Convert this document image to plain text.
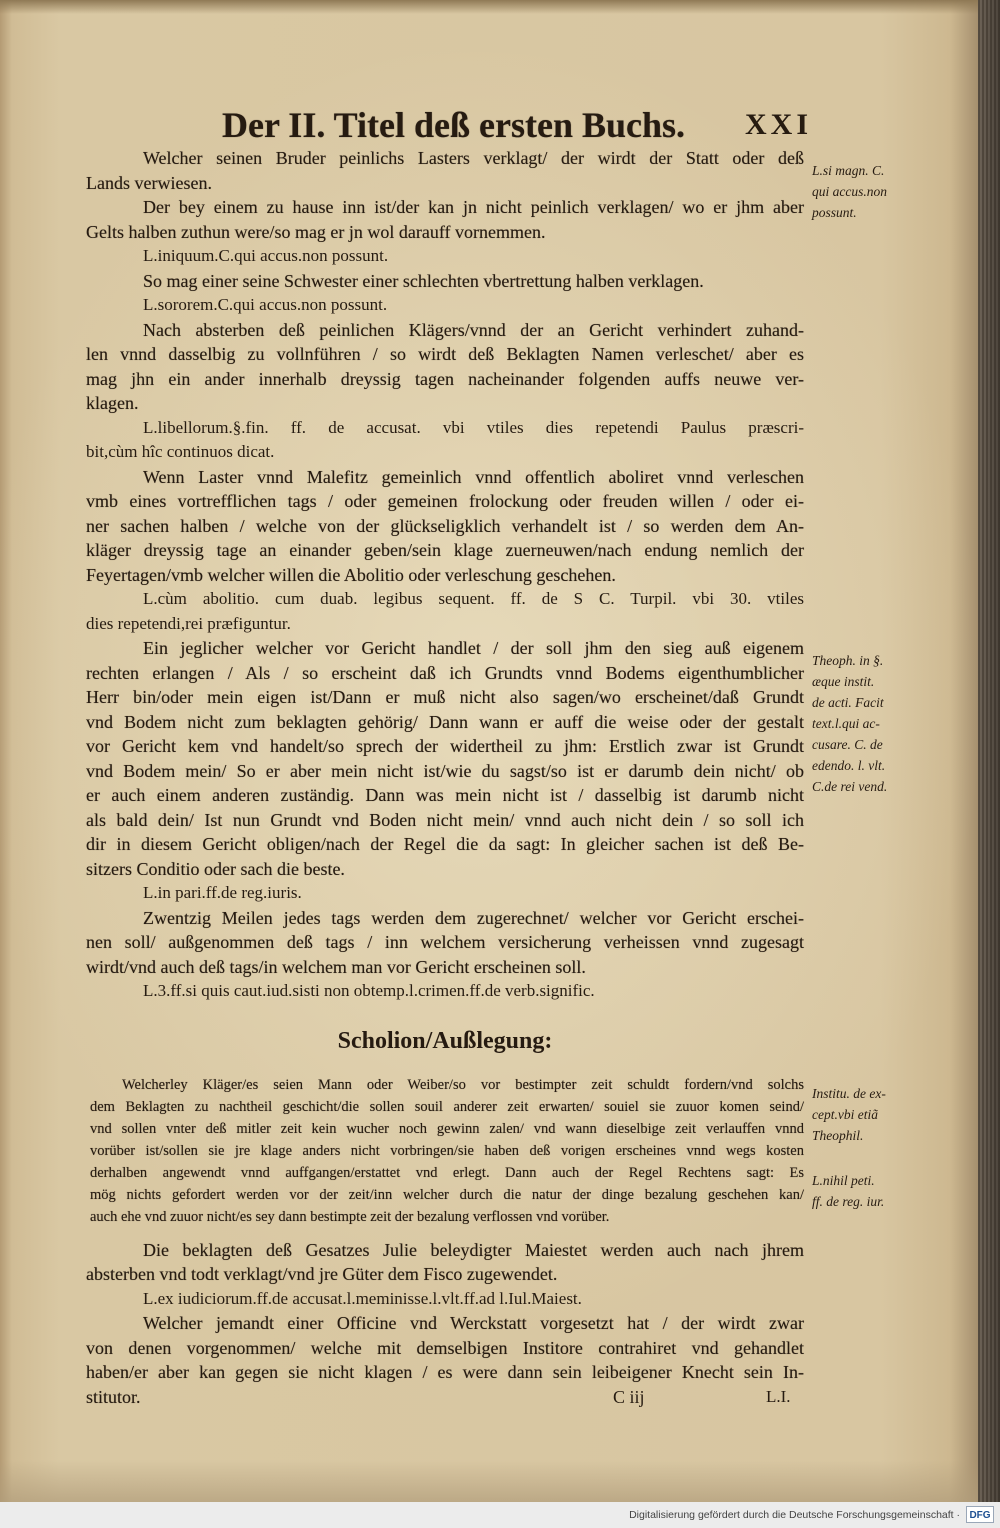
Der II. Titel deß ersten Buchs. XXI
Welcher seinen Bruder peinlichs Lasters verklagt/ der wirdt der Statt oder deß
Lands verwiesen.
Der bey einem zu hause inn ist/der kan jn nicht peinlich verklagen/ wo er jhm aber
Gelts halben zuthun were/so mag er jn wol darauff vornemmen.
L.iniquum.C.qui accus.non possunt.
So mag einer seine Schwester einer schlechten vbertrettung halben verklagen.
L.sororem.C.qui accus.non possunt.
Nach absterben deß peinlichen Klägers/vnnd der an Gericht verhindert zuhand-
len vnnd dasselbig zu vollnführen / so wirdt deß Beklagten Namen verleschet/ aber es
mag jhn ein ander innerhalb dreyssig tagen nacheinander folgenden auffs neuwe ver-
klagen.
L.libellorum.§.fin. ff. de accusat. vbi vtiles dies repetendi Paulus præscri-
bit,cùm hîc continuos dicat.
Wenn Laster vnnd Malefitz gemeinlich vnnd offentlich aboliret vnnd verleschen
vmb eines vortrefflichen tags / oder gemeinen frolockung oder freuden willen / oder ei-
ner sachen halben / welche von der glückseligklich verhandelt ist / so werden dem An-
kläger dreyssig tage an einander geben/sein klage zuerneuwen/nach endung nemlich der
Feyertagen/vmb welcher willen die Abolitio oder verleschung geschehen.
L.cùm abolitio. cum duab. legibus sequent. ff. de S C. Turpil. vbi 30. vtiles
dies repetendi,rei præfiguntur.
Ein jeglicher welcher vor Gericht handlet / der soll jhm den sieg auß eigenem
rechten erlangen / Als / so erscheint daß ich Grundts vnnd Bodems eigenthumblicher
Herr bin/oder mein eigen ist/Dann er muß nicht also sagen/wo erscheinet/daß Grundt
vnd Bodem nicht zum beklagten gehörig/ Dann wann er auff die weise oder der gestalt
vor Gericht kem vnd handelt/so sprech der widertheil zu jhm: Erstlich zwar ist Grundt
vnd Bodem mein/ So er aber mein nicht ist/wie du sagst/so ist er darumb dein nicht/ ob
er auch einem anderen zuständig. Dann was mein nicht ist / dasselbig ist darumb nicht
als bald dein/ Ist nun Grundt vnd Boden nicht mein/ vnnd auch nicht dein / so soll ich
dir in diesem Gericht obligen/nach der Regel die da sagt: In gleicher sachen ist deß Be-
sitzers Conditio oder sach die beste.
L.in pari.ff.de reg.iuris.
Zwentzig Meilen jedes tags werden dem zugerechnet/ welcher vor Gericht erschei-
nen soll/ außgenommen deß tags / inn welchem versicherung verheissen vnnd zugesagt
wirdt/vnd auch deß tags/in welchem man vor Gericht erscheinen soll.
L.3.ff.si quis caut.iud.sisti non obtemp.l.crimen.ff.de verb.signific.
Scholion/Außlegung:
Welcherley Kläger/es seien Mann oder Weiber/so vor bestimpter zeit schuldt fordern/vnd solchs
dem Beklagten zu nachtheil geschicht/die sollen souil anderer zeit erwarten/ souiel sie zuuor komen seind/
vnd sollen vnter deß mitler zeit kein wucher noch gewinn zalen/ vnd wann dieselbige zeit verlauffen vnnd
vorüber ist/sollen sie jre klage anders nicht vorbringen/sie haben deß vorigen erscheines vnnd wegs kosten
derhalben angewendt vnnd auffgangen/erstattet vnd erlegt. Dann auch der Regel Rechtens sagt: Es
mög nichts gefordert werden vor der zeit/inn welcher durch die natur der dinge bezalung geschehen kan/
auch ehe vnd zuuor nicht/es sey dann bestimpte zeit der bezalung verflossen vnd vorüber.
Die beklagten deß Gesatzes Julie beleydigter Maiestet werden auch nach jhrem
absterben vnd todt verklagt/vnd jre Güter dem Fisco zugewendet.
L.ex iudiciorum.ff.de accusat.l.meminisse.l.vlt.ff.ad l.Iul.Maiest.
Welcher jemandt einer Officine vnd Werckstatt vorgesetzt hat / der wirdt zwar
von denen vorgenommen/ welche mit demselbigen Institore contrahiret vnd gehandlet
haben/er aber kan gegen sie nicht klagen / es were dann sein leibeigener Knecht sein In-
stitutor.
L.si magn. C.
qui accus.non
possunt.
Theoph. in §.
æque instit.
de acti. Facit
text.l.qui ac-
cusare. C. de
edendo. l. vlt.
C.de rei vend.
Institu. de ex-
cept.vbi etiã
Theophil.
L.nihil peti.
ff. de reg. iur.
C iij	L.I.
Digitalisierung gefördert durch die Deutsche Forschungsgemeinschaft · DFG
